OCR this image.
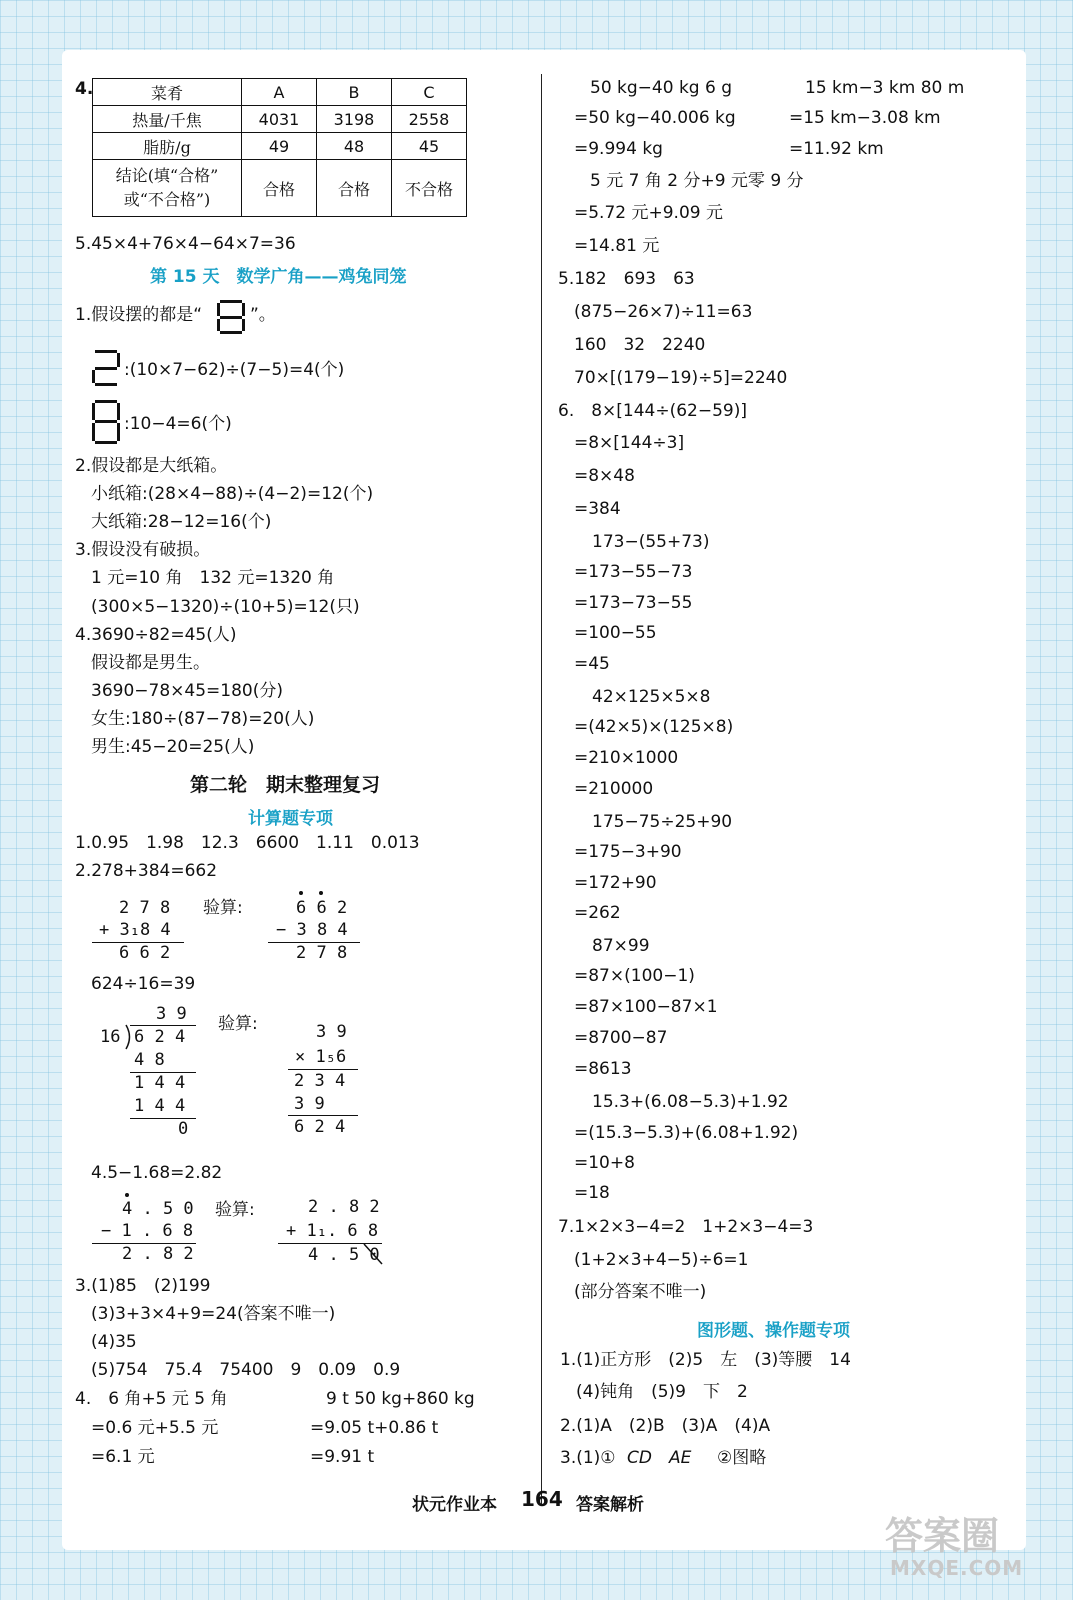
4.	菜肴	A	B	C
热量/千焦	4031	3198	2558
脂肪/g	49	48	45

结论(填“合格”
或“不合格”)	合格	合格	不合格
5.45×4+76×4−64×7=36
第 15 天　数学广角——鸡兔同笼
1.假设摆的都是“	”。
:(10×7−62)÷(7−5)=4(个)
:10−4=6(个)
2.假设都是大纸箱。
小纸箱:(28×4−88)÷(4−2)=12(个)
大纸箱:28−12=16(个)
3.假设没有破损。
1 元=10 角　132 元=1320 角
(300×5−1320)÷(10+5)=12(只)
4.3690÷82=45(人)
假设都是男生。
3690−78×45=180(分)
女生:180÷(87−78)=20(人)
男生:45−20=25(人)
第二轮　期末整理复习
计算题专项
1.0.95　1.98　12.3　6600　1.11　0.013
2.278+384=662
2 7 8
+ 3₁8 4
6 6 2
验算:	6 6 2
− 3 8 4
2 7 8
624÷16=39
3 9
16 6 2 4
4 8
1 4 4
1 4 4
0
验算:	3 9
× 1₅6
2 3 4
3 9
6 2 4
4.5−1.68=2.82
4 . 5 0
− 1 . 6 8
2 . 8 2
验算:	2 . 8 2
+ 1₁. 6 8
4 . 5 0
3.(1)85　(2)199
(3)3+3×4+9=24(答案不唯一)
(4)35
(5)754　75.4　75400　9　0.09　0.9
4.　6 角+5 元 5 角
=0.6 元+5.5 元
=6.1 元
9 t 50 kg+860 kg
=9.05 t+0.86 t
=9.91 t
50 kg−40 kg 6 g
=50 kg−40.006 kg
=9.994 kg
15 km−3 km 80 m
=15 km−3.08 km
=11.92 km
5 元 7 角 2 分+9 元零 9 分
=5.72 元+9.09 元
=14.81 元
5.182　693　63
(875−26×7)÷11=63
160　32　2240
70×[(179−19)÷5]=2240
6.　8×[144÷(62−59)]
=8×[144÷3]
=8×48
=384
173−(55+73)
=173−55−73
=173−73−55
=100−55
=45
42×125×5×8
=(42×5)×(125×8)
=210×1000
=210000
175−75÷25+90
=175−3+90
=172+90
=262
87×99
=87×(100−1)
=87×100−87×1
=8700−87
=8613
15.3+(6.08−5.3)+1.92
=(15.3−5.3)+(6.08+1.92)
=10+8
=18
7.1×2×3−4=2　1+2×3−4=3
(1+2×3+4−5)÷6=1
(部分答案不唯一)
图形题、操作题专项
1.(1)正方形　(2)5　左　(3)等腰　14
(4)钝角　(5)9　下　2
2.(1)A　(2)B　(3)A　(4)A
3.(1)① CD　AE ②图略
状元作业本 164 答案解析
答案圈
MXQE.COM
